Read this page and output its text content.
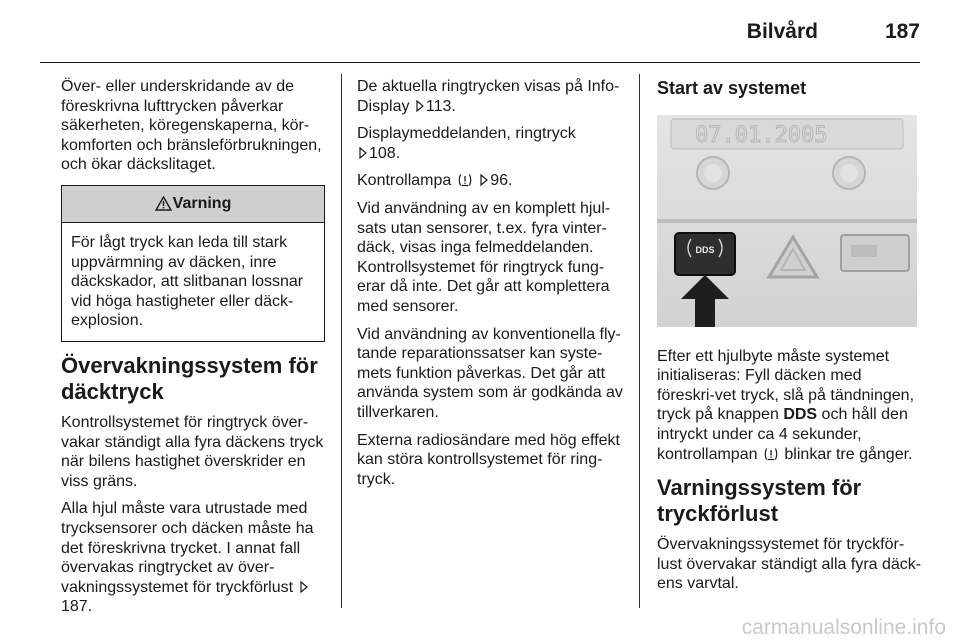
Bilvård	187

Över- eller underskridande av de föreskrivna lufttrycken påverkar säkerheten, köregenskaperna, kör-komforten och bränsleförbrukningen, och ökar däckslitaget.

Varning
För lågt tryck kan leda till stark uppvärmning av däcken, inre däckskador, att slitbanan lossnar vid höga hastigheter eller däck-explosion.
Övervakningssystem för däcktryck

Kontrollsystemet för ringtryck över-vakar ständigt alla fyra däckens tryck när bilens hastighet överskrider en viss gräns.

Alla hjul måste vara utrustade med trycksensorer och däcken måste ha det föreskrivna trycket. I annat fall övervakas ringtrycket av över-vakningssystemet för tryckförlust 187.

De aktuella ringtrycken visas på Info-Display 113.

Displaymeddelanden, ringtryck
108.

Kontrollampa 96.

Vid användning av en komplett hjul-sats utan sensorer, t.ex. fyra vinter-däck, visas inga felmeddelanden. Kontrollsystemet för ringtryck fung-erar då inte. Det går att komplettera med sensorer.

Vid användning av konventionella fly-tande reparationssatser kan syste-mets funktion påverkas. Det går att använda system som är godkända av tillverkaren.

Externa radiosändare med hög effekt kan störa kontrollsystemet för ring-tryck.

Start av systemet
07.01.2005
DDS

Efter ett hjulbyte måste systemet initialiseras: Fyll däcken med föreskri-vet tryck, slå på tändningen, tryck på knappen DDS och håll den intryckt under ca 4 sekunder, kontrollampan blinkar tre gånger.

Varningssystem för tryckförlust

Övervakningssystemet för tryckför-lust övervakar ständigt alla fyra däck-ens varvtal.

carmanualsonline.info
